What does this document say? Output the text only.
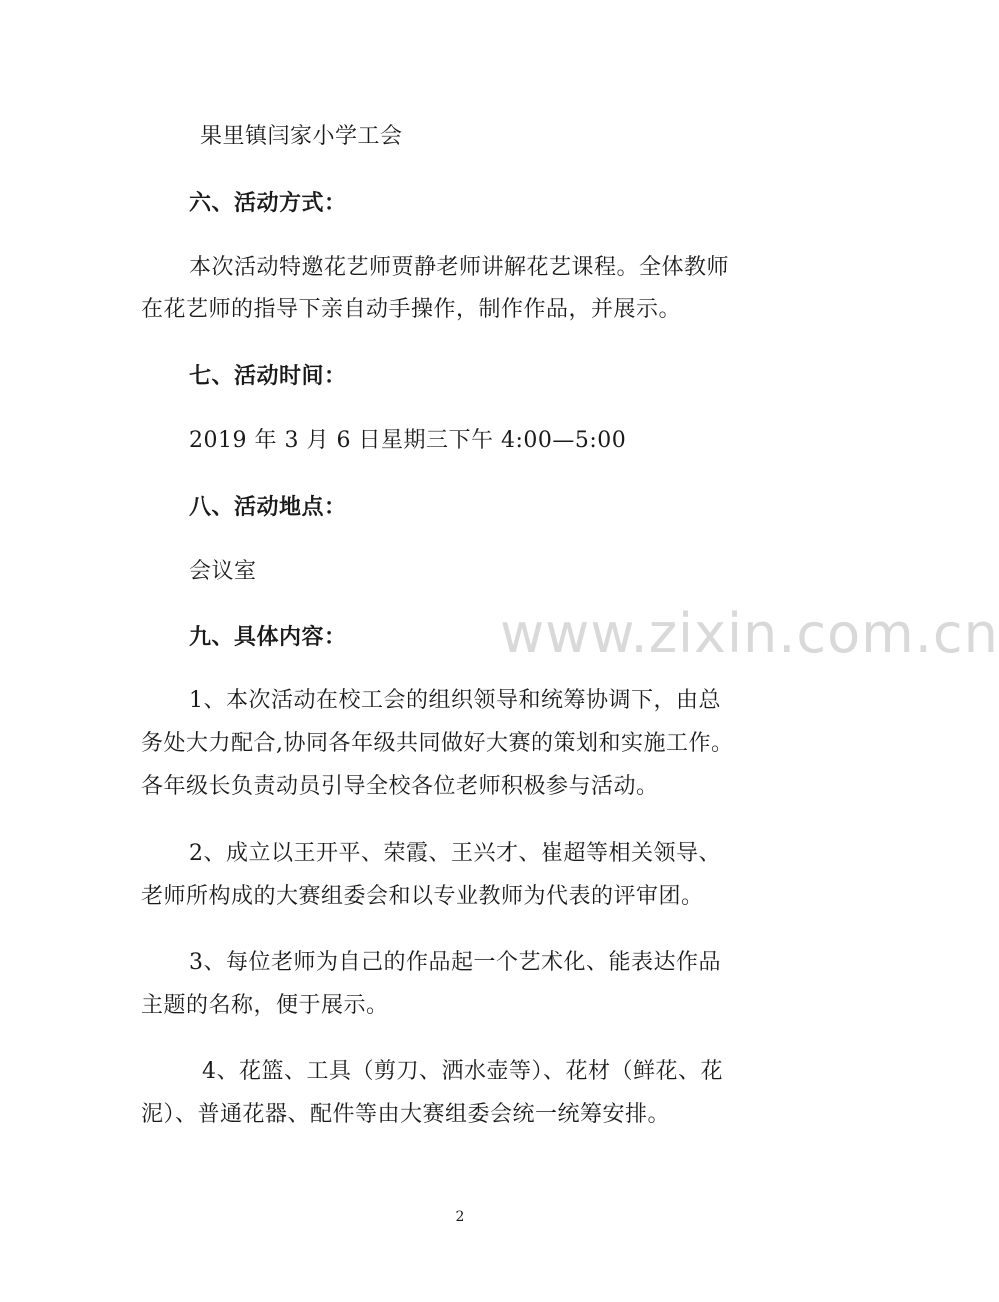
果里镇闫家小学工会
六、活动方式：
本次活动特邀花艺师贾静老师讲解花艺课程。全体教师
在花艺师的指导下亲自动手操作，制作作品，并展示。
七、活动时间：
2019 年 3 月 6 日星期三下午 4:00—5:00
八、活动地点：
会议室
www.zixin.com.cn
九、具体内容：
1、本次活动在校工会的组织领导和统筹协调下，由总
务处大力配合,协同各年级共同做好大赛的策划和实施工作。
各年级长负责动员引导全校各位老师积极参与活动。
2、成立以王开平、荣霞、王兴才、崔超等相关领导、
老师所构成的大赛组委会和以专业教师为代表的评审团。
3、每位老师为自己的作品起一个艺术化、能表达作品
主题的名称，便于展示。
4、花篮、工具（剪刀、洒水壶等）、花材（鲜花、花
泥）、普通花器、配件等由大赛组委会统一统筹安排。
2
